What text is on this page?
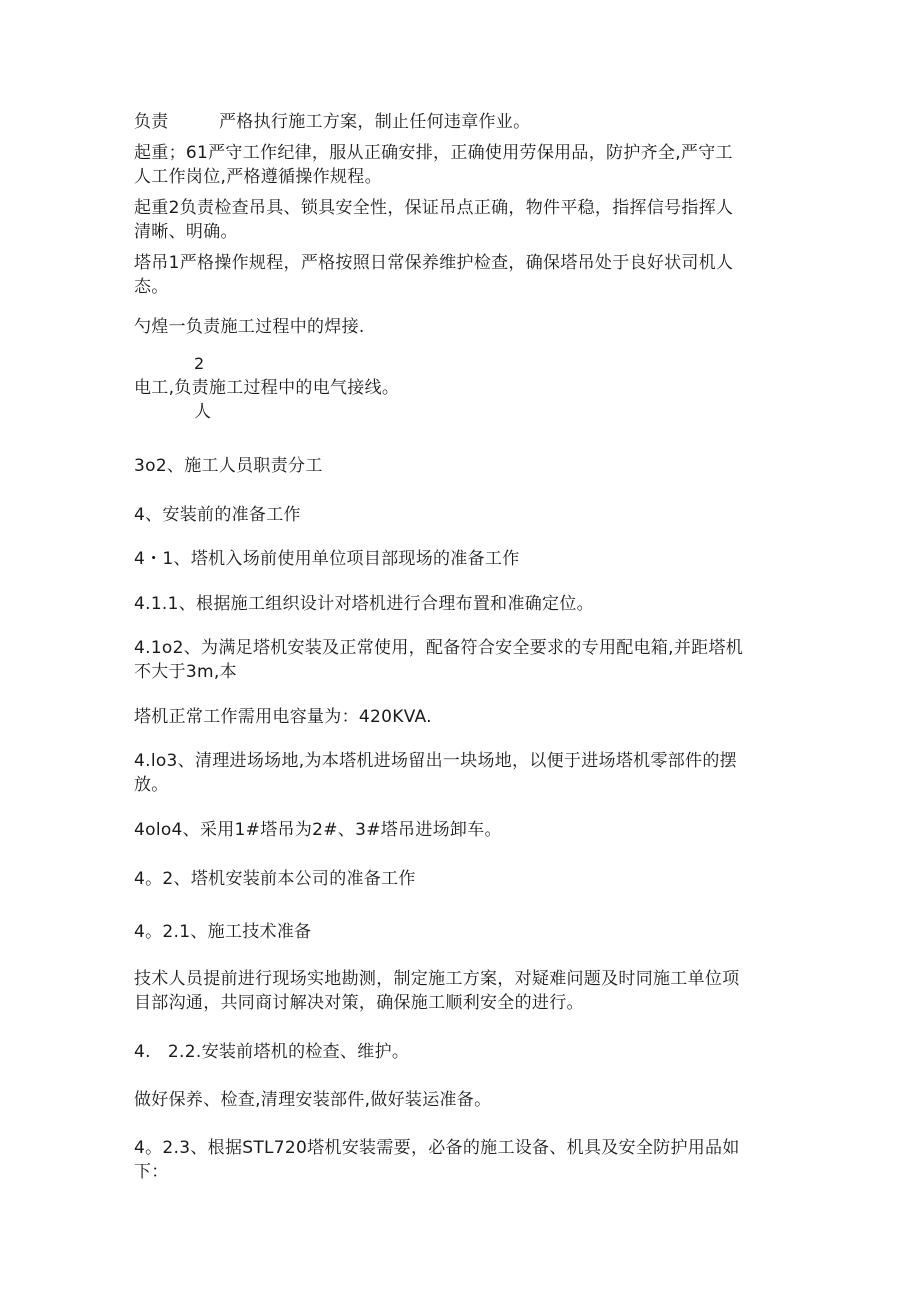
负责	严格执行施工方案，制止任何违章作业。
起重；61严守工作纪律，服从正确安排，正确使用劳保用品，防护齐全,严守工
人工作岗位,严格遵循操作规程。
起重2负责检查吊具、锁具安全性，保证吊点正确，物件平稳，指挥信号指挥人
清晰、明确。
塔吊1严格操作规程，严格按照日常保养维护检查，确保塔吊处于良好状司机人
态。
勺煌一负责施工过程中的焊接.
2
电工,负责施工过程中的电气接线。
人
3o2、施工人员职责分工
4、安装前的准备工作
4・1、塔机入场前使用单位项目部现场的准备工作
4.1.1、根据施工组织设计对塔机进行合理布置和准确定位。
4.1o2、为满足塔机安装及正常使用，配备符合安全要求的专用配电箱,并距塔机
不大于3m,本
塔机正常工作需用电容量为：420KVA.
4.lo3、清理进场场地,为本塔机进场留出一块场地，以便于进场塔机零部件的摆
放。
4olo4、采用1#塔吊为2#、3#塔吊进场卸车。
4。2、塔机安装前本公司的准备工作
4。2.1、施工技术准备
技术人员提前进行现场实地勘测，制定施工方案，对疑难问题及时同施工单位项
目部沟通，共同商讨解决对策，确保施工顺利安全的进行。
4.   2.2.安装前塔机的检查、维护。
做好保养、检查,清理安装部件,做好装运准备。
4。2.3、根据STL720塔机安装需要，必备的施工设备、机具及安全防护用品如
下：
